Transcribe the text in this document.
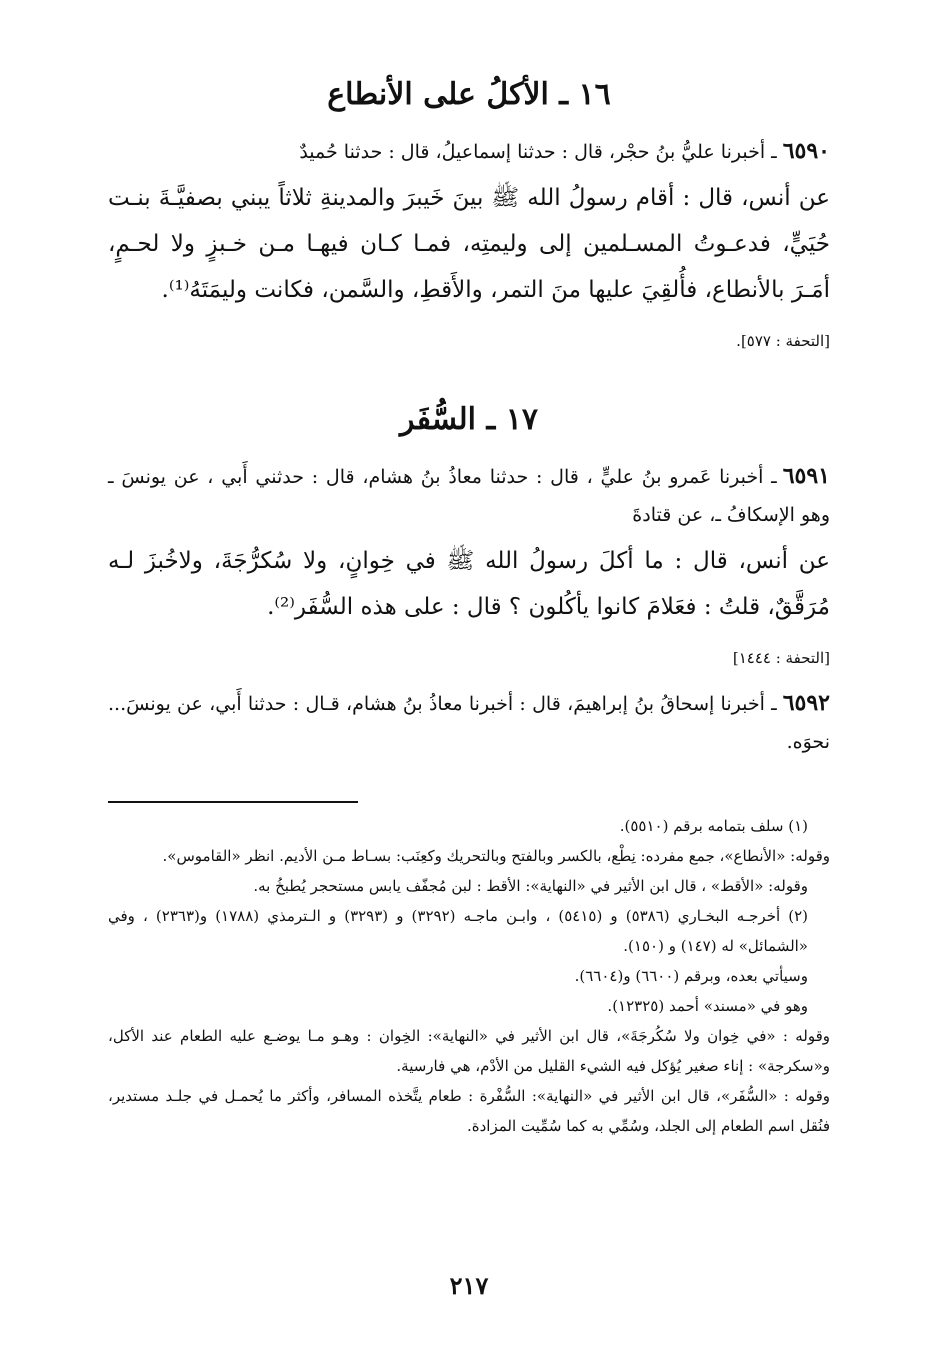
١٦ ـ الأكلُ على الأنطاع

٦٥٩٠ـ أخبرنا عليُّ بنُ حجْر، قال : حدثنا إسماعيلُ، قال : حدثنا حُميدٌ

عن أنس، قال : أقام رسولُ الله ﷺ بينَ خَيبرَ والمدينةِ ثلاثاً يبني بصفيَّـةَ بنـت حُيَيٍّ، فدعـوتُ المسـلمين إلى وليمتِه، فمـا كـان فيهـا مـن خـبزٍ ولا لحـمٍ، أمَـرَ بالأنطاع، فأُلقِيَ عليها منَ التمر، والأَقطِ، والسَّمن، فكانت وليمَتَهُ⁽¹⁾.

[التحفة : ٥٧٧].

١٧ ـ السُّفَر

٦٥٩١ـ أخبرنا عَمرو بنُ عليٍّ ، قال : حدثنا معاذُ بنُ هشام، قال : حدثني أَبي ، عن يونسَ ـ وهو الإسكافُ ـ، عن قتادةَ

عن أنس، قال : ما أكلَ رسولُ الله ﷺ في خِوانٍ، ولا سُكرُّجَةَ، ولاخُبزَ لـه مُرَقَّقٌ، قلتُ : فعَلامَ كانوا يأكُلون ؟ قال : على هذه السُّفَر⁽²⁾.

[التحفة : ١٤٤٤]

٦٥٩٢ـ أخبرنا إسحاقُ بنُ إبراهيمَ، قال : أخبرنا معاذُ بنُ هشام، قـال : حدثنا أَبي، عن يونسَ... نحوَه.

(١) سلف بتمامه برقم (٥٥١٠).

وقوله: «الأنطاع»، جمع مفرده: نِطْع، بالكسر وبالفتح وبالتحريك وكعِنَب: بسـاط مـن الأديم. انظر «القاموس».

وقوله: «الأقط» ، قال ابن الأثير في «النهاية»: الأقط : لبن مُجفّف يابس مستحجر يُطبخُ به.

(٢) أخرجـه البخـاري (٥٣٨٦) و (٥٤١٥) ، وابـن ماجـه (٣٢٩٢) و (٣٢٩٣) و الـترمذي (١٧٨٨) و(٢٣٦٣) ، وفي «الشمائل» له (١٤٧) و (١٥٠).

وسيأتي بعده، وبرقم (٦٦٠٠) و(٦٦٠٤).

وهو في «مسند» أحمد (١٢٣٢٥).

وقوله : «في خِوان ولا سُكُرجَةَ»، قال ابن الأثير في «النهاية»: الخِوان : وهـو مـا يوضـع عليه الطعام عند الأكل، و«سكرجة» : إناء صغير يُؤكل فيه الشيء القليل من الأدْم، هي فارسية.

وقوله : «السُّفَر»، قال ابن الأثير في «النهاية»: السُّفْرة : طعام يتَّخذه المسافر، وأكثر ما يُحمـل في جلـد مستدير، فنُقل اسم الطعام إلى الجلد، وسُمِّي به كما سُمِّيت المزادة.

٢١٧
